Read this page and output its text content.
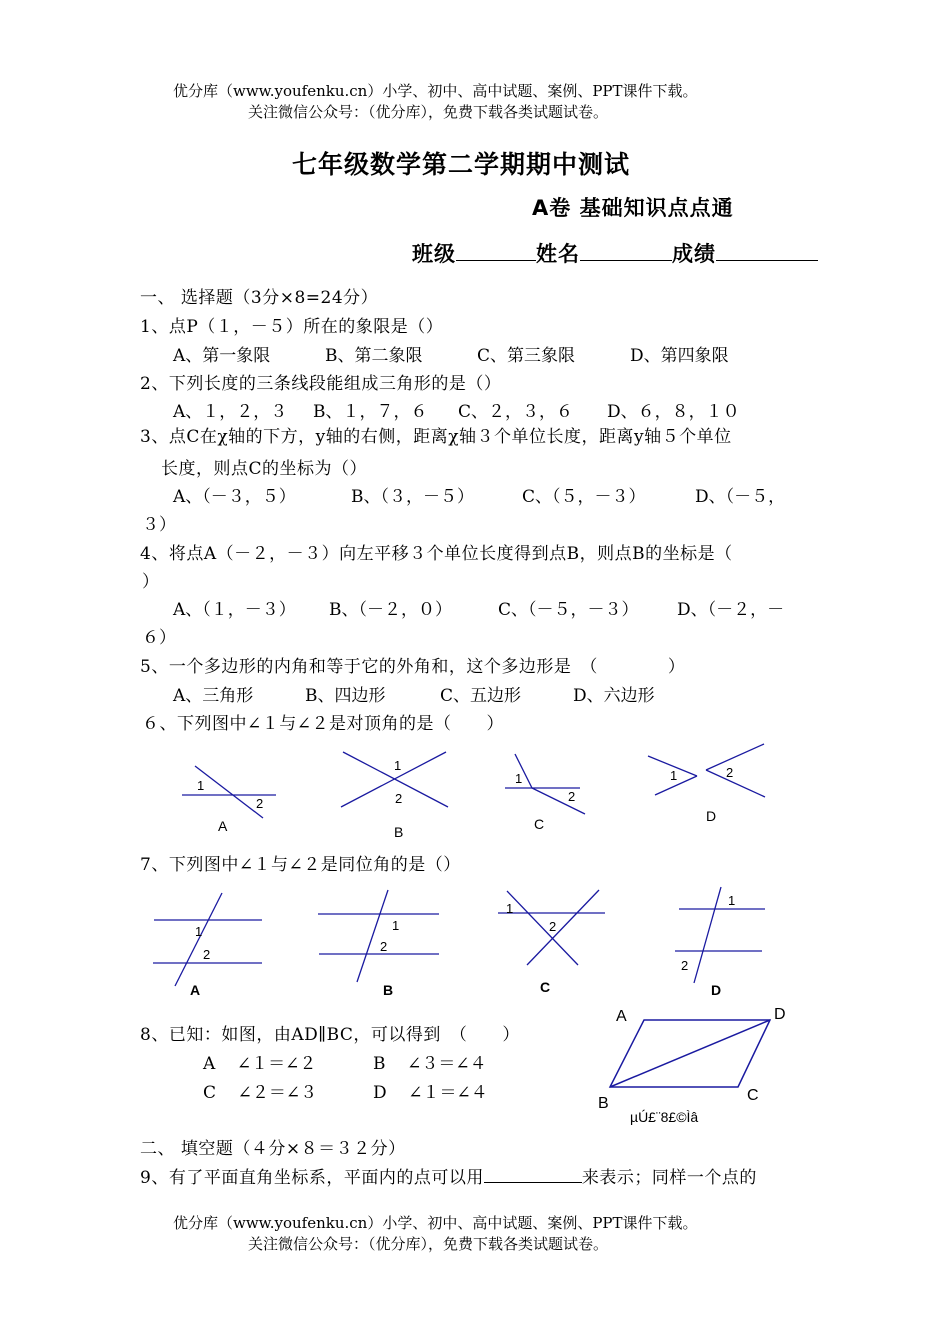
优分库（www.youfenku.cn）小学、初中、高中试题、案例、PPT课件下载。
关注微信公众号：（优分库），免费下载各类试题试卷。
七年级数学第二学期期中测试
A卷 基础知识点点通
班级	姓名	成绩
一、 选择题（3分×8=24分）
1、点P（１，－５）所在的象限是（）
A、第一象限	B、第二象限	C、第三象限	D、第四象限
2、下列长度的三条线段能组成三角形的是（）
A、１，２，３ B、１，７，６ C、２，３，６ D、６，８，１０
3、点C在χ轴的下方，y轴的右侧，距离χ轴３个单位长度，距离y轴５个单位
长度，则点C的坐标为（）
A、（－３，５）	B、（３，－５）	C、（５，－３）	D、（－５，
３）
4、将点A（－２，－３）向左平移３个单位长度得到点B，则点B的坐标是（
）
A、（１，－３） B、（－２，０）	C、（－５，－３） D、（－２，－
６）
5、一个多边形的内角和等于它的外角和，这个多边形是　（　　　　）
A、三角形	B、四边形	C、五边形	D、六边形
６、下列图中∠１与∠２是对顶角的是（　　）
1
2
1
2
1
2
1	2
A	B	C	D
7、下列图中∠１与∠２是同位角的是（）
1
2
1
2
1
2
1
2
A	B	C	D
8、已知：如图，由AD∥BC，可以得到　（　　）
A ∠１＝∠２	B ∠３＝∠４
C ∠２＝∠３	D ∠１＝∠４
A	D
B	C
µÚ£¨8£©Ìâ
二、 填空题（４分×８＝３２分）
9、有了平面直角坐标系，平面内的点可以用	来表示；同样一个点的
优分库（www.youfenku.cn）小学、初中、高中试题、案例、PPT课件下载。
关注微信公众号：（优分库），免费下载各类试题试卷。
